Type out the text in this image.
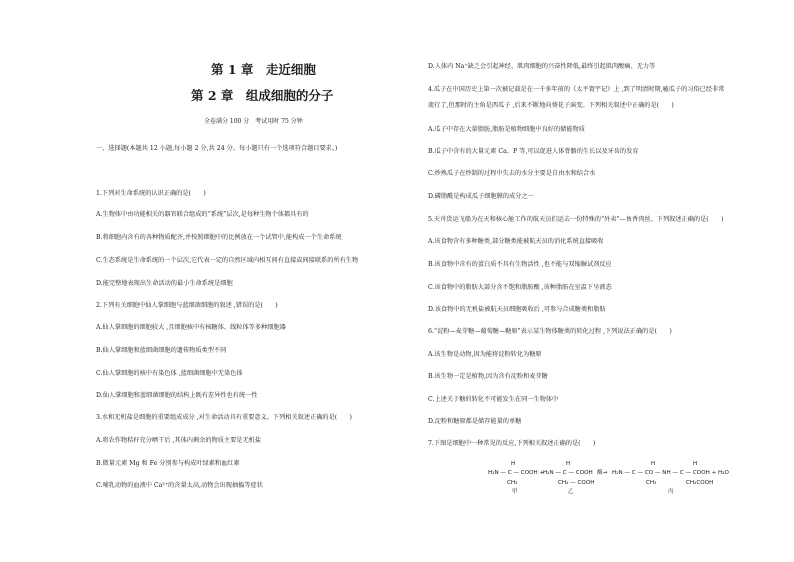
第 1 章　走近细胞
第 2 章　组成细胞的分子
全卷满分 100 分　考试用时 75 分钟
一、选择题(本题共 12 小题,每小题 2 分,共 24 分。每小题只有一个选项符合题目要求。)
1.下列对生命系统的认识正确的是(　　)
A.生物体中由功能相关的器官联合组成的“系统”层次,是每种生物个体都具有的
B.将细胞内含有的各种物质配齐,并按照细胞中的比例放在一个试管中,能构成一个生命系统
C.生态系统是生命系统的一个层次,它代表一定的自然区域内相互间有直接或间接联系的所有生物
D.能完整地表现出生命活动的最小生命系统是细胞
2.下列有关细胞中仙人掌细胞与蓝细菌细胞的叙述 ,错误的是(　　)
A.仙人掌细胞的细胞较大 ,且细胞核中有核糖体、线粒体等多种细胞器
B.仙人掌细胞和蓝细菌细胞的遗传物质类型不同
C.仙人掌细胞的核中有染色体 ,蓝细菌细胞中无染色体
D.仙人掌细胞和蓝细菌细胞的结构上既有差异性也有统一性
3.水和无机盐是细胞的重要组成成分 ,对生命活动具有重要意义。下列相关叙述正确的是(　　)
A.将农作物秸秆充分晒干后 ,其体内剩余的物质主要是无机盐
B.微量元素 Mg 和 Fe 分别参与构成叶绿素和血红素
C.哺乳动物的血液中 Ca²⁺的含量太高,动物会出现抽搐等症状
D.人体内 Na⁺缺乏会引起神经、肌肉细胞的兴奋性降低,最终引起肌肉酸痛、无力等
4.瓜子在中国历史上第一次被记载是在一千多年前的《太平寰宇记》上 ,到了明清时期,嗑瓜子的习俗已经非常
流行了,但那时的主角是西瓜子 ,后来不断地向葵花子演变。下列相关叙述中正确的是(　　)
A.瓜子中存在大量脂肪,脂肪是植物细胞中良好的储能物质
B.瓜子中含有的大量元素 Ca、P 等,可以促进人体骨骼的生长以及牙齿的发育
C.炒熟瓜子在炒制的过程中失去的水分主要是自由水和结合水
D.磷脂酰是构成瓜子细胞膜的成分之一
5.天舟货运飞船为在天和核心舱工作的航天员们运去一份特殊的“外卖”—鱼香肉丝。下列叙述正确的是(　　)
A.该食物含有多种糖类,部分糖类能被航天员的消化系统直接吸收
B.该食物中含有的蛋白质不具有生物活性 ,也不能与双缩脲试剂反应
C.该食物中的脂肪大部分含不饱和脂肪酸 ,该种脂肪在室温下呈液态
D.该食物中的无机盐被航天员细胞吸收后 ,可参与合成糖类和脂肪
6.“淀粉—麦芽糖—葡萄糖—糖原”表示某生物体糖类的转化过程 ,下列说法正确的是(　　)
A.该生物是动物,因为能将淀粉转化为糖原
B.该生物一定是植物,因为含有淀粉和麦芽糖
C.上述关于糖的转化不可能发生在同一生物体中
D.淀粉和糖原都是储存能量的单糖
7.下图是细胞中一种常见的反应,下列相关叙述正确的是(　　)
H	H	H	H
H₂N — C — COOH +
H₂N — C — COOH 酶→ H₂N — C — CO — NH — C — COOH + H₂O
CH₃	CH₂ — COOH	CH₃	CH₂COOH
甲	乙	丙
